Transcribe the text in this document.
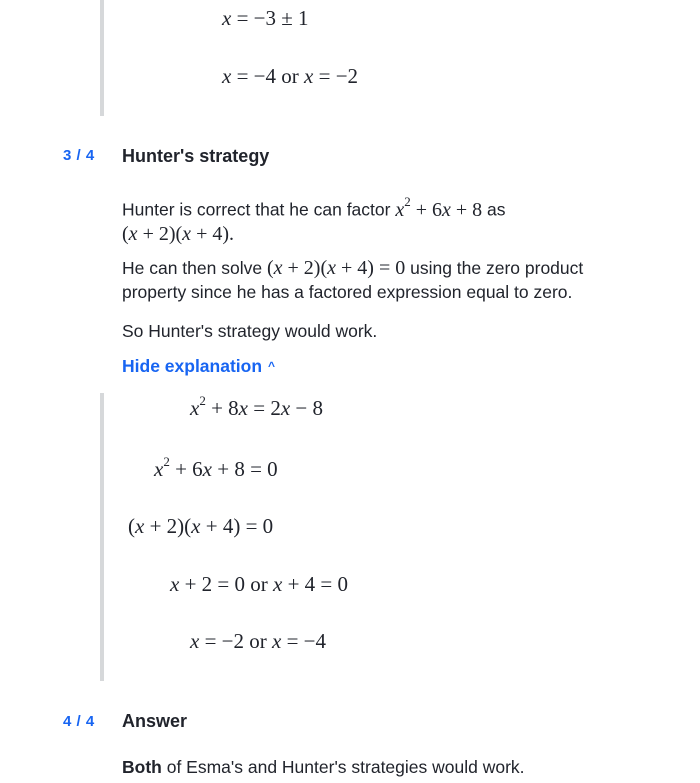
x = −3 ± 1
x = −4 or x = −2
3 / 4 Hunter's strategy
Hunter is correct that he can factor $x^2 + 6x + 8$ as
(x + 2)(x + 4).
He can then solve (x + 2)(x + 4) = 0 using the zero product property since he has a factored expression equal to zero.
So Hunter's strategy would work.
Hide explanation ^
$x^2 + 8x = 2x - 8$
$x^2 + 6x + 8 = 0$
(x + 2)(x + 4) = 0
x + 2 = 0 or x + 4 = 0
x = −2 or x = −4
4 / 4 Answer
Both of Esma's and Hunter's strategies would work.
